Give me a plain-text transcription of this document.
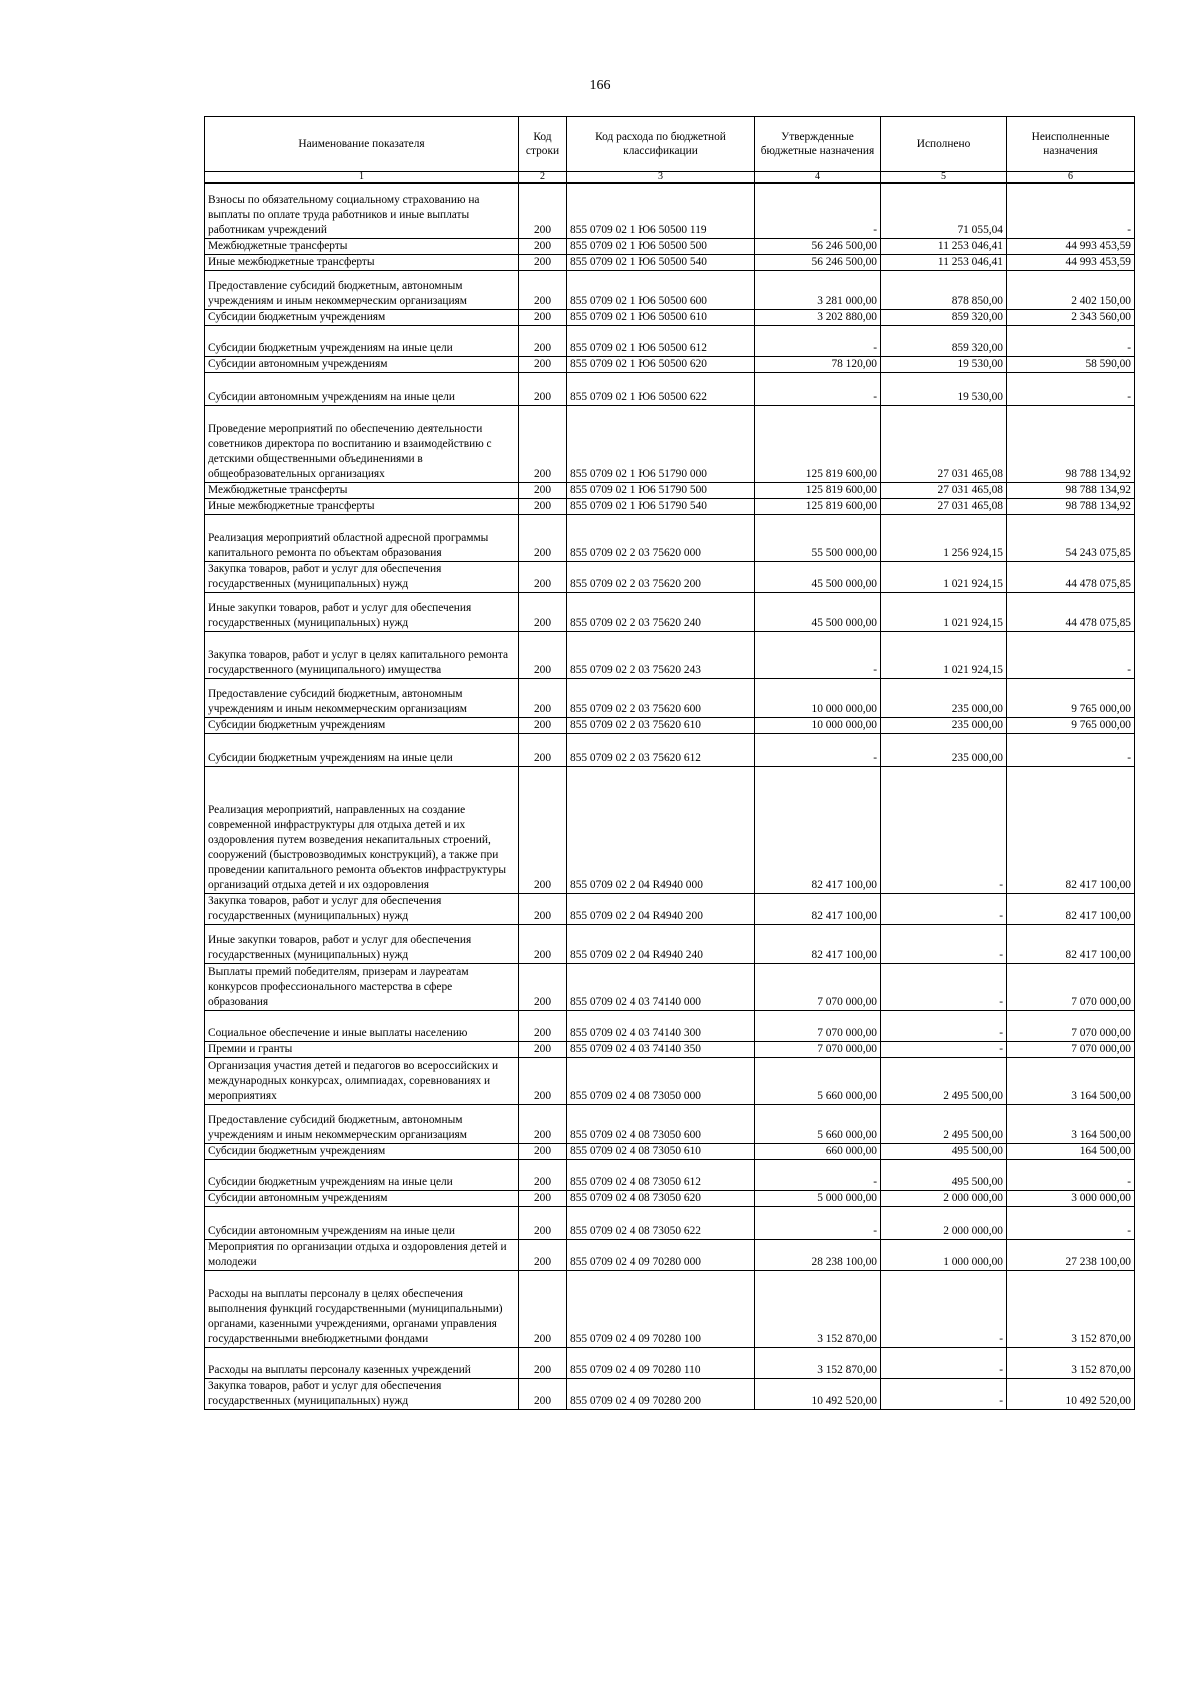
166
Наименование показателя	Код строки	Код расхода по бюджетной классификации	Утвержденные бюджетные назначения	Исполнено	Неисполненные назначения
1	2	3	4	5	6
Взносы по обязательному социальному страхованию на выплаты по оплате труда работников и иные выплаты работникам учреждений	200	855 0709 02 1 Ю6 50500 119	-	71 055,04	-
Межбюджетные трансферты	200	855 0709 02 1 Ю6 50500 500	56 246 500,00	11 253 046,41	44 993 453,59
Иные межбюджетные трансферты	200	855 0709 02 1 Ю6 50500 540	56 246 500,00	11 253 046,41	44 993 453,59
Предоставление субсидий бюджетным, автономным учреждениям и иным некоммерческим организациям	200	855 0709 02 1 Ю6 50500 600	3 281 000,00	878 850,00	2 402 150,00
Субсидии бюджетным учреждениям	200	855 0709 02 1 Ю6 50500 610	3 202 880,00	859 320,00	2 343 560,00
Субсидии бюджетным учреждениям на иные цели	200	855 0709 02 1 Ю6 50500 612	-	859 320,00	-
Субсидии автономным учреждениям	200	855 0709 02 1 Ю6 50500 620	78 120,00	19 530,00	58 590,00
Субсидии автономным учреждениям на иные цели	200	855 0709 02 1 Ю6 50500 622	-	19 530,00	-
Проведение мероприятий по обеспечению деятельности советников директора по воспитанию и взаимодействию с детскими общественными объединениями в общеобразовательных организациях	200	855 0709 02 1 Ю6 51790 000	125 819 600,00	27 031 465,08	98 788 134,92
Межбюджетные трансферты	200	855 0709 02 1 Ю6 51790 500	125 819 600,00	27 031 465,08	98 788 134,92
Иные межбюджетные трансферты	200	855 0709 02 1 Ю6 51790 540	125 819 600,00	27 031 465,08	98 788 134,92
Реализация мероприятий областной адресной программы капитального ремонта по объектам образования	200	855 0709 02 2 03 75620 000	55 500 000,00	1 256 924,15	54 243 075,85
Закупка товаров, работ и услуг для обеспечения государственных (муниципальных) нужд	200	855 0709 02 2 03 75620 200	45 500 000,00	1 021 924,15	44 478 075,85
Иные закупки товаров, работ и услуг для обеспечения государственных (муниципальных) нужд	200	855 0709 02 2 03 75620 240	45 500 000,00	1 021 924,15	44 478 075,85
Закупка товаров, работ и услуг в целях капитального ремонта государственного (муниципального) имущества	200	855 0709 02 2 03 75620 243	-	1 021 924,15	-
Предоставление субсидий бюджетным, автономным учреждениям и иным некоммерческим организациям	200	855 0709 02 2 03 75620 600	10 000 000,00	235 000,00	9 765 000,00
Субсидии бюджетным учреждениям	200	855 0709 02 2 03 75620 610	10 000 000,00	235 000,00	9 765 000,00
Субсидии бюджетным учреждениям на иные цели	200	855 0709 02 2 03 75620 612	-	235 000,00	-
Реализация мероприятий, направленных на создание современной инфраструктуры для отдыха детей и их оздоровления путем возведения некапитальных строений, сооружений (быстровозводимых конструкций), а также при проведении капитального ремонта объектов инфраструктуры организаций отдыха детей и их оздоровления	200	855 0709 02 2 04 R4940 000	82 417 100,00	-	82 417 100,00
Закупка товаров, работ и услуг для обеспечения государственных (муниципальных) нужд	200	855 0709 02 2 04 R4940 200	82 417 100,00	-	82 417 100,00
Иные закупки товаров, работ и услуг для обеспечения государственных (муниципальных) нужд	200	855 0709 02 2 04 R4940 240	82 417 100,00	-	82 417 100,00
Выплаты премий победителям, призерам и лауреатам конкурсов профессионального мастерства в сфере образования	200	855 0709 02 4 03 74140 000	7 070 000,00	-	7 070 000,00
Социальное обеспечение и иные выплаты населению	200	855 0709 02 4 03 74140 300	7 070 000,00	-	7 070 000,00
Премии и гранты	200	855 0709 02 4 03 74140 350	7 070 000,00	-	7 070 000,00
Организация участия детей и педагогов во всероссийских и международных конкурсах, олимпиадах, соревнованиях и мероприятиях	200	855 0709 02 4 08 73050 000	5 660 000,00	2 495 500,00	3 164 500,00
Предоставление субсидий бюджетным, автономным учреждениям и иным некоммерческим организациям	200	855 0709 02 4 08 73050 600	5 660 000,00	2 495 500,00	3 164 500,00
Субсидии бюджетным учреждениям	200	855 0709 02 4 08 73050 610	660 000,00	495 500,00	164 500,00
Субсидии бюджетным учреждениям на иные цели	200	855 0709 02 4 08 73050 612	-	495 500,00	-
Субсидии автономным учреждениям	200	855 0709 02 4 08 73050 620	5 000 000,00	2 000 000,00	3 000 000,00
Субсидии автономным учреждениям на иные цели	200	855 0709 02 4 08 73050 622	-	2 000 000,00	-
Мероприятия по организации отдыха и оздоровления детей и молодежи	200	855 0709 02 4 09 70280 000	28 238 100,00	1 000 000,00	27 238 100,00
Расходы на выплаты персоналу в целях обеспечения выполнения функций государственными (муниципальными) органами, казенными учреждениями, органами управления государственными внебюджетными фондами	200	855 0709 02 4 09 70280 100	3 152 870,00	-	3 152 870,00
Расходы на выплаты персоналу казенных учреждений	200	855 0709 02 4 09 70280 110	3 152 870,00	-	3 152 870,00
Закупка товаров, работ и услуг для обеспечения государственных (муниципальных) нужд	200	855 0709 02 4 09 70280 200	10 492 520,00	-	10 492 520,00
